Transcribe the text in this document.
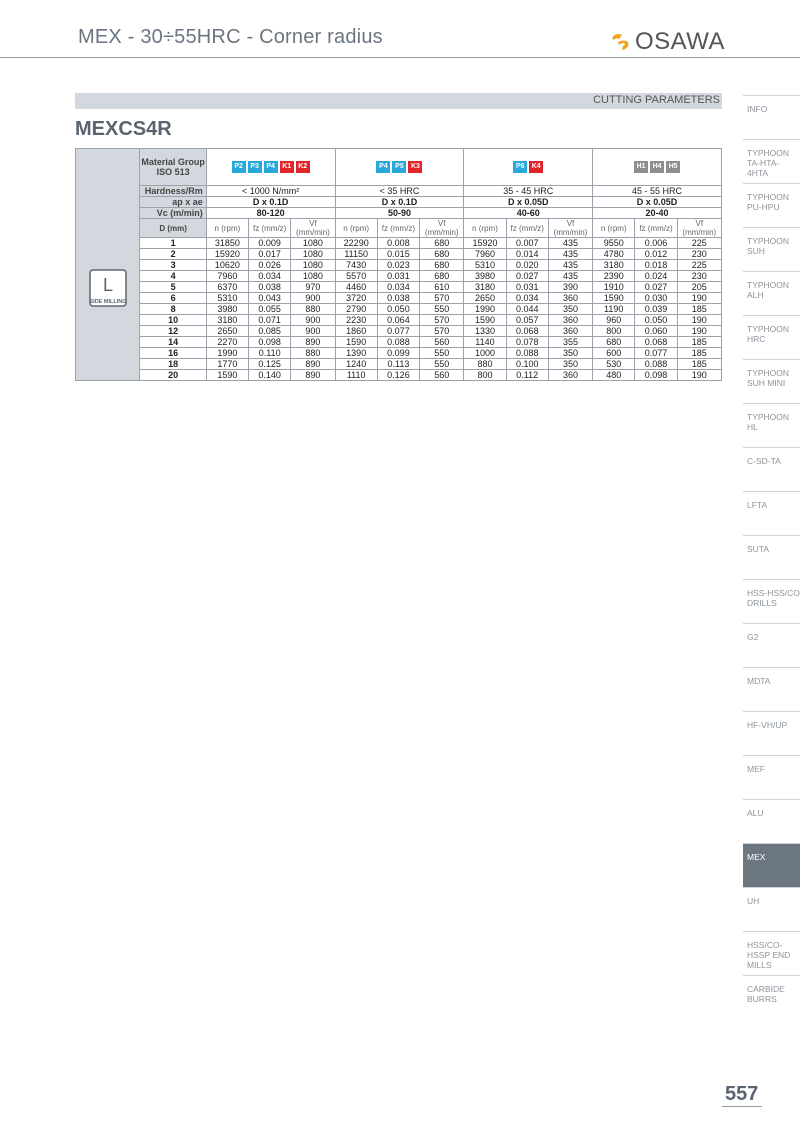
MEX - 30÷55HRC - Corner radius	OSAWA
CUTTING PARAMETERS
MEXCS4R
INFO
TYPHOON TA-HTA-4HTA
TYPHOON PU-HPU
TYPHOON SUH
TYPHOON ALH
TYPHOON HRC
TYPHOON SUH MINI
TYPHOON HL
C-SD-TA
LFTA
SUTA
HSS-HSS/CO DRILLS
G2
MDTA
HF-VH/UP
MEF
ALU
MEX
UH
HSS/CO-HSSP END MILLS
CARBIDE BURRS
L
SIDE MILLING	Material Group ISO 513	P2 P3 P4 K1 K2			P4 P5 K3			P6 K4			H1 H4 H5		
	Hardness/Rm	< 1000 N/mm²			< 35 HRC			35 - 45 HRC			45 - 55 HRC		
	ap x ae	D x 0.1D			D x 0.1D			D x 0.05D			D x 0.05D		
	Vc (m/min)	80-120			50-90			40-60			20-40		
	D (mm)	n (rpm)	fz (mm/z)	Vf (mm/min)	n (rpm)	fz (mm/z)	Vf (mm/min)	n (rpm)	fz (mm/z)	Vf (mm/min)	n (rpm)	fz (mm/z)	Vf (mm/min)
	1	31850	0.009	1080	22290	0.008	680	15920	0.007	435	9550	0.006	225
	2	15920	0.017	1080	11150	0.015	680	7960	0.014	435	4780	0.012	230
	3	10620	0.026	1080	7430	0.023	680	5310	0.020	435	3180	0.018	225
	4	7960	0.034	1080	5570	0.031	680	3980	0.027	435	2390	0.024	230
	5	6370	0.038	970	4460	0.034	610	3180	0.031	390	1910	0.027	205
	6	5310	0.043	900	3720	0.038	570	2650	0.034	360	1590	0.030	190
	8	3980	0.055	880	2790	0.050	550	1990	0.044	350	1190	0.039	185
	10	3180	0.071	900	2230	0.064	570	1590	0.057	360	960	0.050	190
	12	2650	0.085	900	1860	0.077	570	1330	0.068	360	800	0.060	190
	14	2270	0.098	890	1590	0.088	560	1140	0.078	355	680	0.068	185
	16	1990	0.110	880	1390	0.099	550	1000	0.088	350	600	0.077	185
	18	1770	0.125	890	1240	0.113	550	880	0.100	350	530	0.088	185
	20	1590	0.140	890	1110	0.126	560	800	0.112	360	480	0.098	190
557
